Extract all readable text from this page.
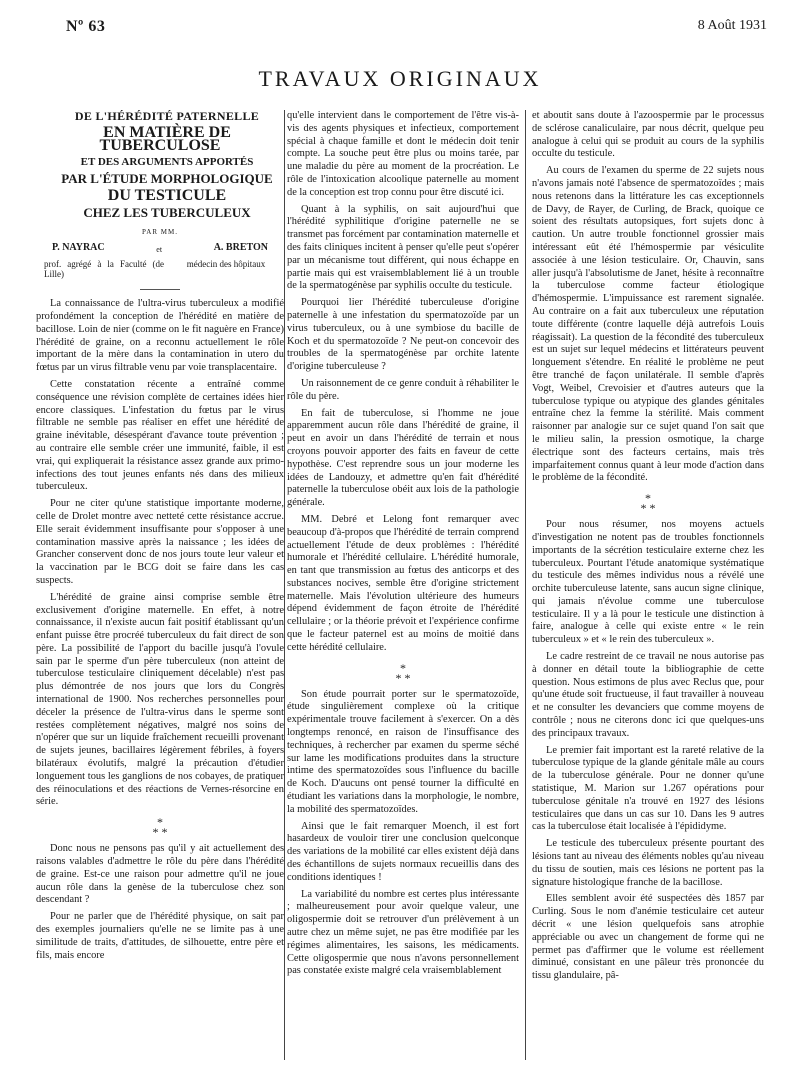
Nº 63	8 Août 1931
TRAVAUX ORIGINAUX

DE L'HÉRÉDITÉ PATERNELLE

EN MATIÈRE DE TUBERCULOSE

ET DES ARGUMENTS APPORTÉS

PAR L'ÉTUDE MORPHOLOGIQUE

DU TESTICULE

CHEZ LES TUBERCULEUX

PAR MM.
P. NAYRAC	et	A. BRETON
prof. agrégé à la Faculté (de Lille)
médecin des hôpitaux

La connaissance de l'ultra-virus tuberculeux a modifié profondément la conception de l'hérédité en matière de bacillose. Loin de nier (comme on le fit naguère en France) l'hérédité de graine, on a reconnu actuellement le rôle important de la mère dans la contamination in utero du fœtus par un virus filtrable venu par voie transplacentaire.

Cette constatation récente a entraîné comme conséquence une révision complète de certaines idées hier encore classiques. L'infestation du fœtus par le virus filtrable ne semble pas réaliser en effet une hérédité de graine inévitable, désespérant d'avance toute prévention ; au contraire elle semble créer une immunité, faible, il est vrai, qui expliquerait la résistance assez grande aux primo-infections des tout jeunes enfants nés dans des milieux tuberculeux.

Pour ne citer qu'une statistique importante moderne, celle de Drolet montre avec netteté cette résistance accrue. Elle serait évidemment insuffisante pour s'opposer à une contamination massive après la naissance ; les idées de Grancher conservent donc de nos jours toute leur valeur et la vaccination par le BCG doit se faire dans les cas suspects.

L'hérédité de graine ainsi comprise semble être exclusivement d'origine maternelle. En effet, à notre connaissance, il n'existe aucun fait positif établissant qu'un enfant puisse être procréé tuberculeux du fait direct de son père. La possibilité de l'apport du bacille jusqu'à l'ovule sain par le sperme d'un père tuberculeux (non atteint de tuberculose testiculaire cliniquement décelable) n'est pas plus démontrée de nos jours que lors du Congrès international de 1900. Nos recherches personnelles pour déceler la présence de l'ultra-virus dans le sperme sont restées complètement négatives, malgré nos soins de n'opérer que sur un liquide fraîchement recueilli provenant de sujets jeunes, bacillaires légèrement fébriles, à foyers bilatéraux évolutifs, malgré la précaution d'étudier longuement tous les ganglions de nos cobayes, de pratiquer des réinoculations et des réactions de Vernes-résorcine en série.

*
* *

Donc nous ne pensons pas qu'il y ait actuellement des raisons valables d'admettre le rôle du père dans l'hérédité de graine. Est-ce une raison pour admettre qu'il ne joue aucun rôle dans la genèse de la tuberculose chez son descendant ?

Pour ne parler que de l'hérédité physique, on sait par des exemples journaliers qu'elle ne se limite pas à une similitude de traits, d'attitudes, de silhouette, entre père et fils, mais encore

qu'elle intervient dans le comportement de l'être vis-à-vis des agents physiques et infectieux, comportement spécial à chaque famille et dont le médecin doit tenir compte. La souche peut être plus ou moins tarée, par une maladie du père au moment de la procréation. Le rôle de l'intoxication alcoolique paternelle au moment de la conception est trop connu pour être discuté ici.

Quant à la syphilis, on sait aujourd'hui que l'hérédité syphilitique d'origine paternelle ne se transmet pas forcément par contamination maternelle et des faits cliniques incitent à penser qu'elle peut s'opérer par un mécanisme tout différent, qui nous échappe en partie mais qui est vraisemblablement lié à un trouble de la spermatogénèse par syphilis occulte du testicule.

Pourquoi lier l'hérédité tuberculeuse d'origine paternelle à une infestation du spermatozoïde par un virus tuberculeux, ou à une symbiose du bacille de Koch et du spermatozoïde ? Ne peut-on concevoir des troubles de la spermatogénèse par orchite latente d'origine tuberculeuse ?

Un raisonnement de ce genre conduit à réhabiliter le rôle du père.

En fait de tuberculose, si l'homme ne joue apparemment aucun rôle dans l'hérédité de graine, il peut en avoir un dans l'hérédité de terrain et nous croyons pouvoir apporter des faits en faveur de cette hypothèse. C'est reprendre sous un jour moderne les idées de Landouzy, et admettre qu'en fait d'hérédité paternelle la tuberculose obéit aux lois de la pathologie générale.

MM. Debré et Lelong font remarquer avec beaucoup d'à-propos que l'hérédité de terrain comprend actuellement l'étude de deux problèmes : l'hérédité humorale et l'hérédité cellulaire. L'hérédité humorale, en tant que transmission au fœtus des anticorps et des substances nocives, semble être d'origine strictement maternelle. Mais l'évolution ultérieure des humeurs dépend évidemment de façon étroite de l'hérédité cellulaire ; or la théorie prévoit et l'expérience confirme que le facteur paternel est au moins de moitié dans cette hérédité cellulaire.

*
* *

Son étude pourrait porter sur le spermatozoïde, étude singulièrement complexe où la critique expérimentale trouve facilement à s'exercer. On a dès longtemps renoncé, en raison de l'insuffisance des techniques, à rechercher par examen du sperme séché sur lame les modifications produites dans la structure intime des spermatozoïdes sous l'influence du bacille de Koch. D'aucuns ont pensé tourner la difficulté en étudiant les variations dans la morphologie, le nombre, la mobilité des spermatozoïdes.

Ainsi que le fait remarquer Moench, il est fort hasardeux de vouloir tirer une conclusion quelconque des variations de la mobilité car elles existent déjà dans des échantillons de sujets normaux recueillis dans des conditions identiques !

La variabilité du nombre est certes plus intéressante ; malheureusement pour avoir quelque valeur, une oligospermie doit se retrouver d'un prélèvement à un autre chez un même sujet, ne pas être modifiée par les régimes alimentaires, les saisons, les médicaments. Cette oligospermie que nous n'avons personnellement pas constatée existe malgré cela vraisemblablement

et aboutit sans doute à l'azoospermie par le processus de sclérose canaliculaire, par nous décrit, quelque peu analogue à celui qui se produit au cours de la syphilis occulte du testicule.

Au cours de l'examen du sperme de 22 sujets nous n'avons jamais noté l'absence de spermatozoïdes ; mais nous retenons dans la littérature les cas exceptionnels de Davy, de Rayer, de Curling, de Brack, quoique ce soient des résultats autopsiques, fort sujets donc à caution. Un autre trouble fonctionnel grossier mais intéressant eût été l'hémospermie par vésiculite associée à une lésion testiculaire. Or, Chauvin, sans aller jusqu'à l'absolutisme de Janet, hésite à reconnaître la tuberculose comme facteur étiologique d'hémospermie. L'impuissance est rarement signalée. Au contraire on a fait aux tuberculeux une réputation toute différente (contre laquelle déjà autrefois Louis réagissait). La question de la fécondité des tuberculeux est un sujet sur lequel médecins et littérateurs peuvent longuement s'étendre. En réalité le problème ne peut être tranché de façon unilatérale. Il semble d'après Vogt, Weibel, Crevoisier et d'autres auteurs que la tuberculose typique ou atypique des glandes génitales entraîne chez la femme la stérilité. Mais comment raisonner par analogie sur ce sujet quand l'on sait que le milieu salin, la pression osmotique, la charge électrique sont des facteurs certains, mais très imparfaitement connus quant à leur mode d'action dans le problème de la fécondité.

*
* *

Pour nous résumer, nos moyens actuels d'investigation ne notent pas de troubles fonctionnels importants de la sécrétion testiculaire externe chez les tuberculeux. Pourtant l'étude anatomique systématique du testicule des mêmes individus nous a révélé une orchite tuberculeuse latente, sans aucun signe clinique, qui jamais n'évolue comme une tuberculose testiculaire. Il y a là pour le testicule une distinction à faire, analogue à celle qui existe entre « le rein tuberculeux » et « le rein des tuberculeux ».

Le cadre restreint de ce travail ne nous autorise pas à donner en détail toute la bibliographie de cette question. Nous estimons de plus avec Reclus que, pour qu'une étude soit fructueuse, il faut travailler à nouveau et ne consulter les devanciers que comme moyens de contrôle ; nous ne citerons donc ici que quelques-uns des principaux travaux.

Le premier fait important est la rareté relative de la tuberculose typique de la glande génitale mâle au cours de la tuberculose générale. Pour ne donner qu'une statistique, M. Marion sur 1.267 opérations pour tuberculose génitale n'a trouvé en 1927 des lésions testiculaires que dans un cas sur 10. Dans les 9 autres cas la tuberculose était localisée à l'épididyme.

Le testicule des tuberculeux présente pourtant des lésions tant au niveau des éléments nobles qu'au niveau du tissu de soutien, mais ces lésions ne portent pas la signature histologique franche de la bacillose.

Elles semblent avoir été suspectées dès 1857 par Curling. Sous le nom d'anémie testiculaire cet auteur décrit « une lésion quelquefois sans atrophie appréciable ou avec un changement de forme qui ne permet pas d'affirmer que le volume est réellement diminué, consistant en une pâleur très prononcée du tissu glandulaire, pâ-
